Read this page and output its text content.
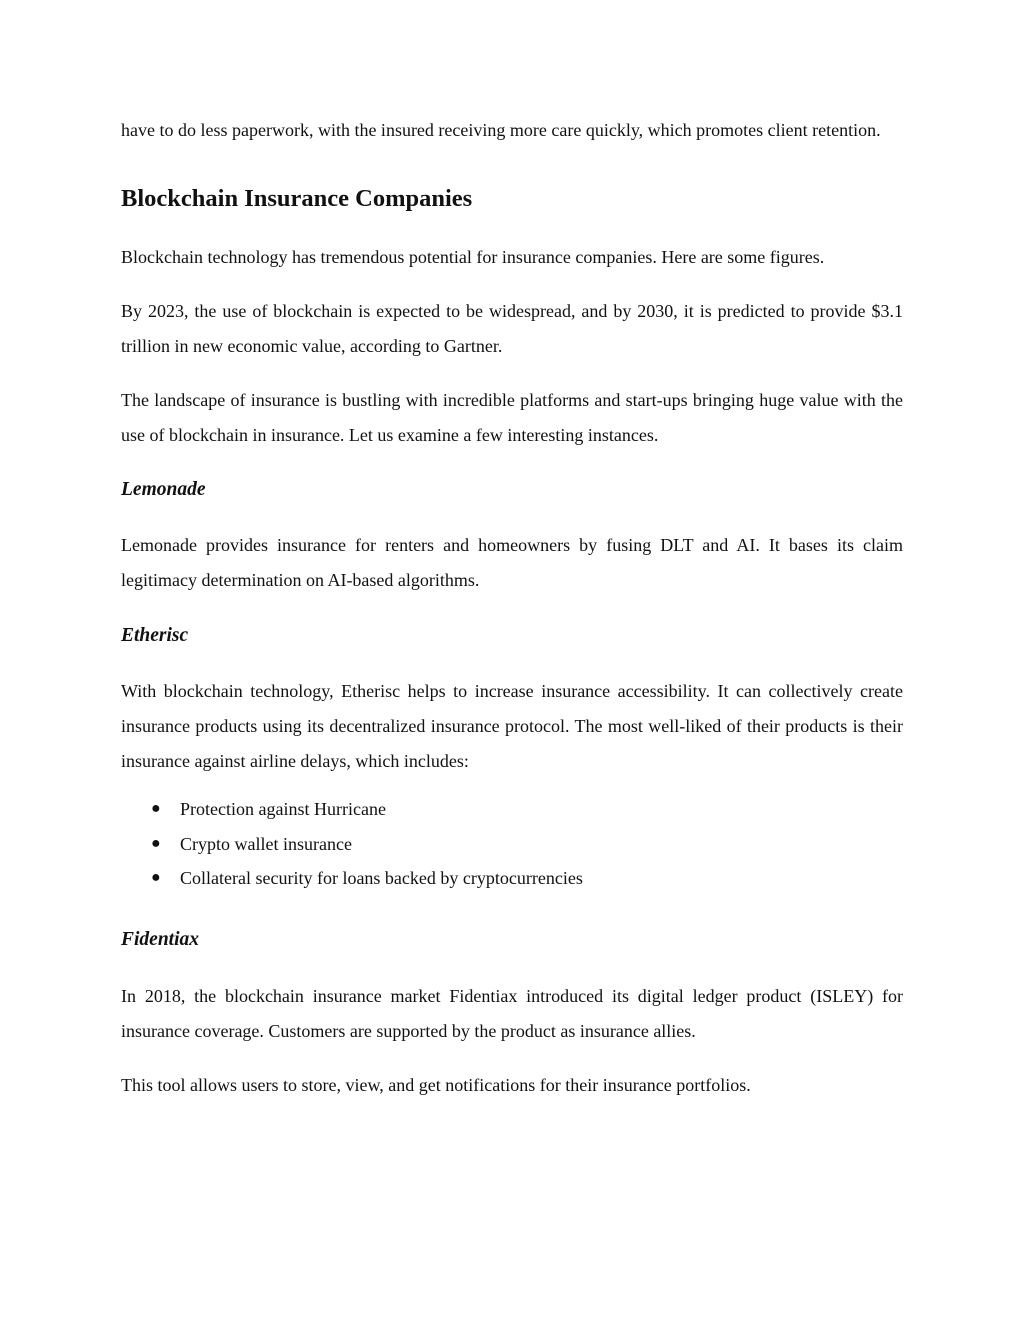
have to do less paperwork, with the insured receiving more care quickly, which promotes client retention.

Blockchain Insurance Companies

Blockchain technology has tremendous potential for insurance companies. Here are some figures.

By 2023, the use of blockchain is expected to be widespread, and by 2030, it is predicted to provide $3.1 trillion in new economic value, according to Gartner.

The landscape of insurance is bustling with incredible platforms and start-ups bringing huge value with the use of blockchain in insurance. Let us examine a few interesting instances.

Lemonade

Lemonade provides insurance for renters and homeowners by fusing DLT and AI. It bases its claim legitimacy determination on AI-based algorithms.

Etherisc

With blockchain technology, Etherisc helps to increase insurance accessibility. It can collectively create insurance products using its decentralized insurance protocol. The most well-liked of their products is their insurance against airline delays, which includes:

● Protection against Hurricane
● Crypto wallet insurance
● Collateral security for loans backed by cryptocurrencies
Fidentiax

In 2018, the blockchain insurance market Fidentiax introduced its digital ledger product (ISLEY) for insurance coverage. Customers are supported by the product as insurance allies.

This tool allows users to store, view, and get notifications for their insurance portfolios.
